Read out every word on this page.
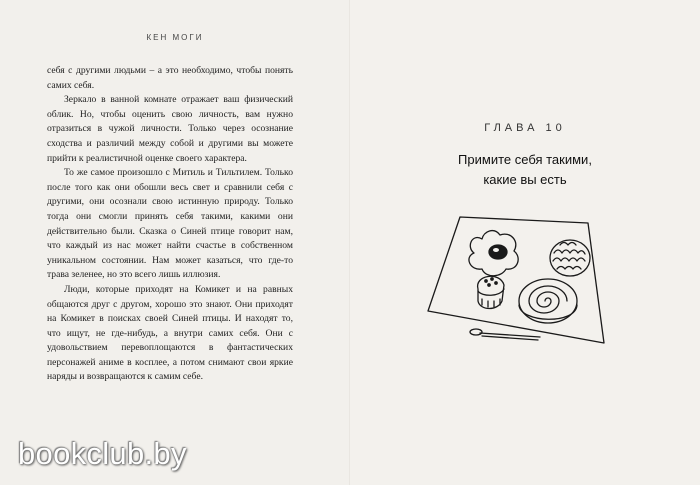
КЕН МОГИ

себя с другими людьми – а это необходимо, чтобы понять самих себя.

Зеркало в ванной комнате отражает ваш физический облик. Но, чтобы оценить свою личность, вам нужно отразиться в чужой личности. Только через осознание сходства и различий между собой и другими вы можете прийти к реалистичной оценке своего характера.

То же самое произошло с Митиль и Тильтилем. Только после того как они обошли весь свет и сравнили себя с другими, они осознали свою истинную природу. Только тогда они смогли принять себя такими, какими они действительно были. Сказка о Синей птице говорит нам, что каждый из нас может найти счастье в собственном уникальном состоянии. Нам может казаться, что где-то трава зеленее, но это всего лишь иллюзия.

Люди, которые приходят на Комикет и на равных общаются друг с другом, хорошо это знают. Они приходят на Комикет в поисках своей Синей птицы. И находят то, что ищут, не где-нибудь, а внутри самих себя. Они с удовольствием перевоплощаются в фантастических персонажей аниме в косплее, а потом снимают свои яркие наряды и возвращаются к самим себе.

ГЛАВА 10
Примите себя такими,
какие вы есть
bookclub.by
